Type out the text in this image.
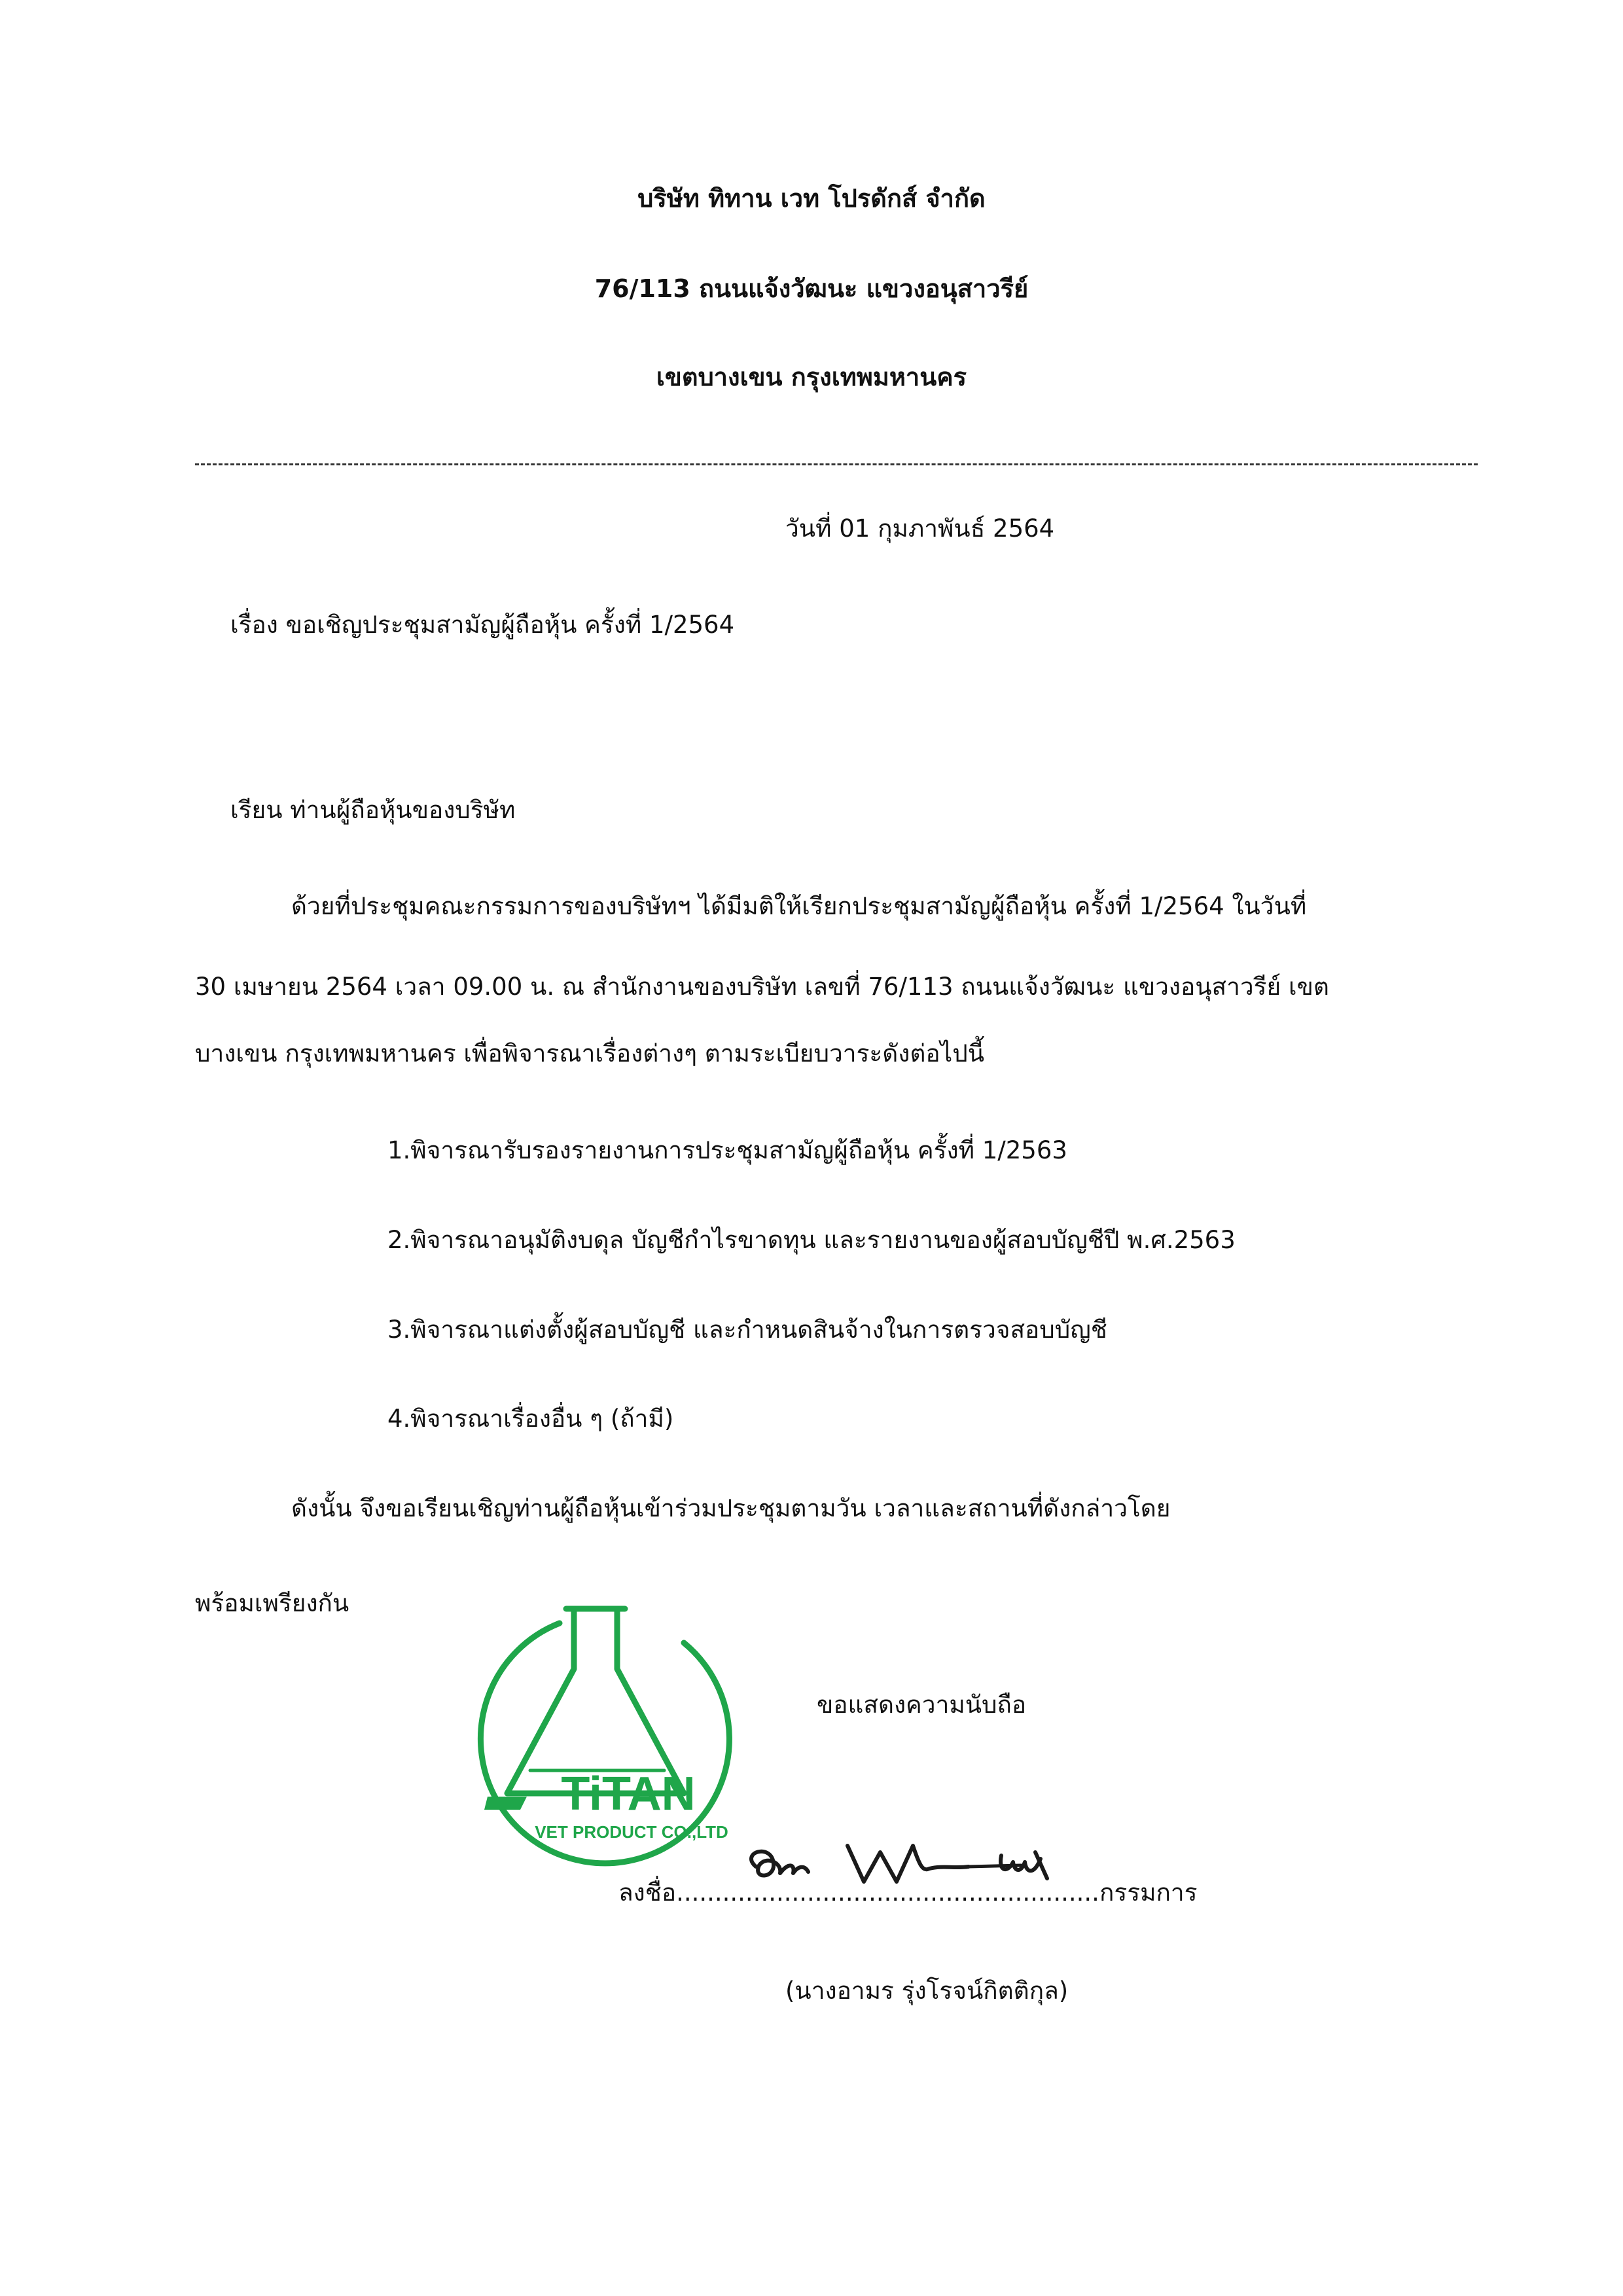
บริษัท ทิทาน เวท โปรดักส์ จำกัด
76/113 ถนนแจ้งวัฒนะ แขวงอนุสาวรีย์
เขตบางเขน กรุงเทพมหานคร
วันที่ 01 กุมภาพันธ์ 2564
เรื่อง ขอเชิญประชุมสามัญผู้ถือหุ้น ครั้งที่ 1/2564
เรียน ท่านผู้ถือหุ้นของบริษัท
ด้วยที่ประชุมคณะกรรมการของบริษัทฯ ได้มีมติให้เรียกประชุมสามัญผู้ถือหุ้น ครั้งที่ 1/2564 ในวันที่
30 เมษายน 2564 เวลา 09.00 น. ณ สำนักงานของบริษัท เลขที่ 76/113 ถนนแจ้งวัฒนะ แขวงอนุสาวรีย์ เขต
บางเขน กรุงเทพมหานคร เพื่อพิจารณาเรื่องต่างๆ ตามระเบียบวาระดังต่อไปนี้
1.พิจารณารับรองรายงานการประชุมสามัญผู้ถือหุ้น ครั้งที่ 1/2563
2.พิจารณาอนุมัติงบดุล บัญชีกำไรขาดทุน และรายงานของผู้สอบบัญชีปี พ.ศ.2563
3.พิจารณาแต่งตั้งผู้สอบบัญชี และกำหนดสินจ้างในการตรวจสอบบัญชี
4.พิจารณาเรื่องอื่น ๆ (ถ้ามี)
ดังนั้น จึงขอเรียนเชิญท่านผู้ถือหุ้นเข้าร่วมประชุมตามวัน เวลาและสถานที่ดังกล่าวโดย
พร้อมเพรียงกัน
ขอแสดงความนับถือ
TiTAN
VET PRODUCT CO.,LTD
ลงชื่อ.......................................................กรรมการ
(นางอามร รุ่งโรจน์กิตติกุล)
